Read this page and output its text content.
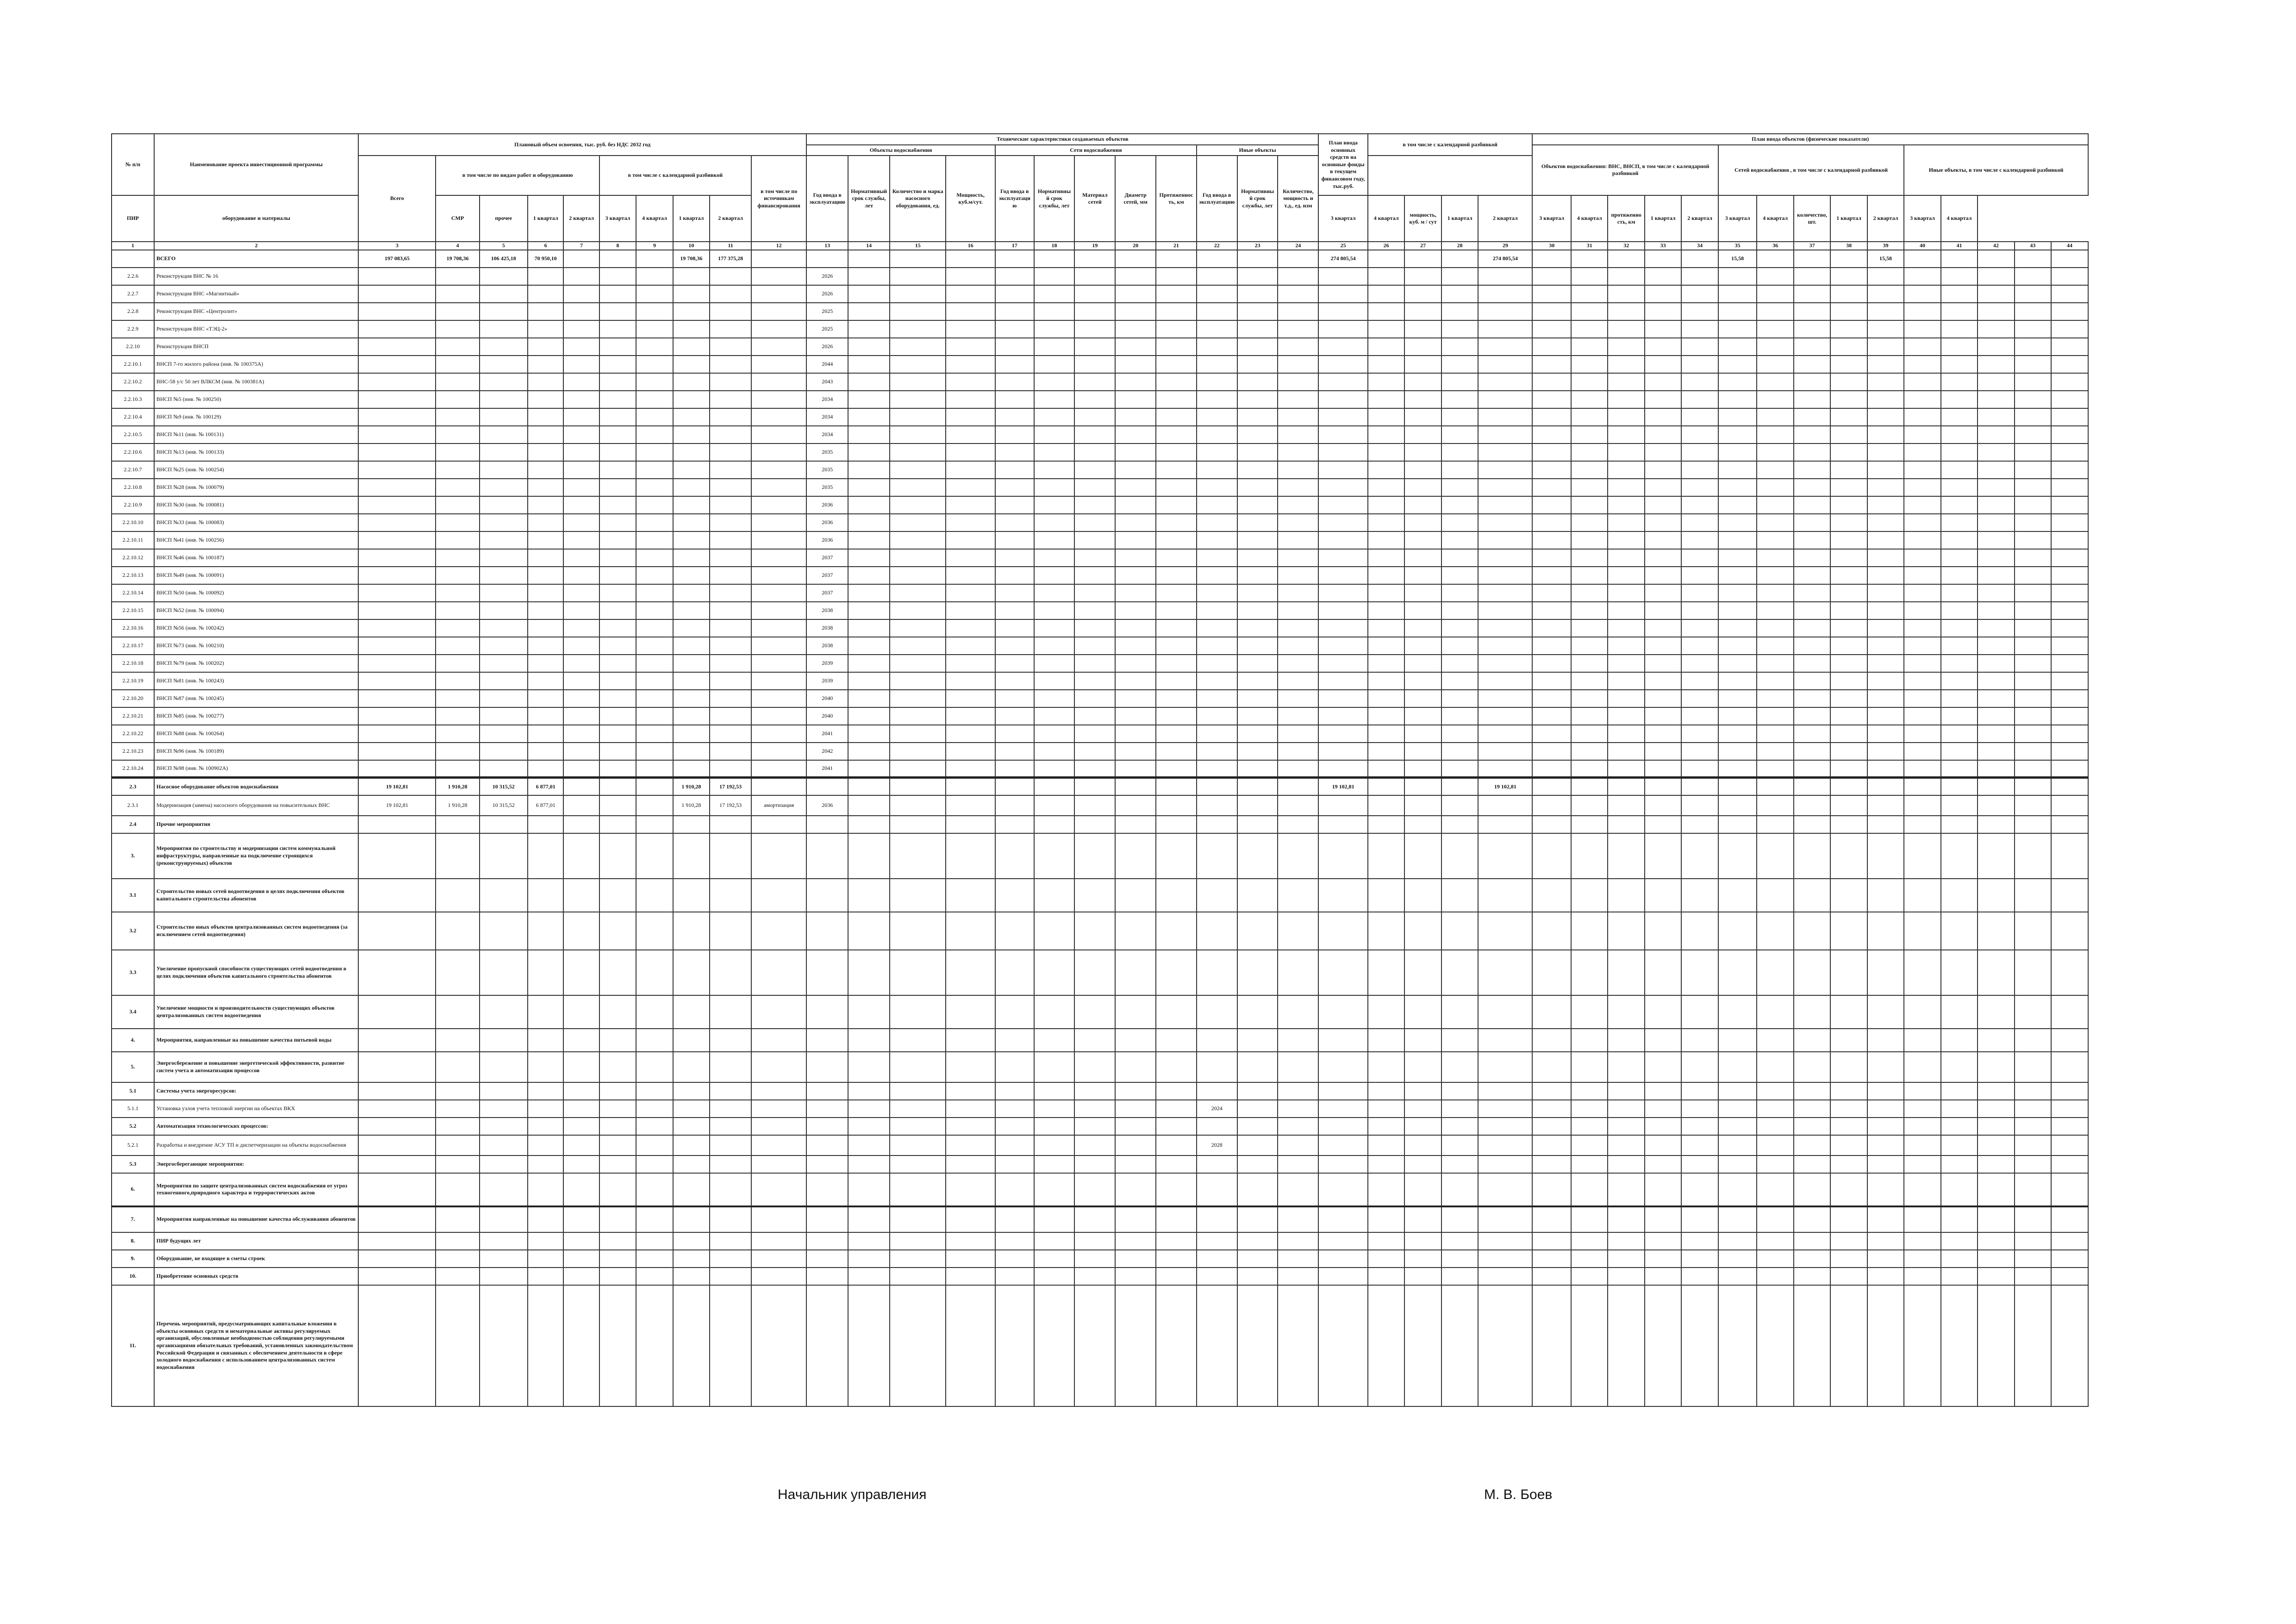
№ п/п	Наименование проекта инвестиционной программы	Плановый объем освоения, тыс. руб. без НДС 2032 год										Технические характеристики создаваемых объектов												План ввода основных средств на основные фонды в текущем финансовом году, тыс.руб.	в том числе с календарной разбивкой				План ввода объектов (физические показатели)														
												Объекты водоснабжения				Сети водоснабжения					Иные объекты								Объектов водоснабжения: ВНС, ВНСП, в том числе с календарной разбивкой					Сетей водоснабжения , в том числе с календарной разбивкой					Иные объекты, в том числе с календарной разбивкой				
		Всего	в том числе по видам работ и оборудованию				в том числе с календарной разбивкой				в том числе по источникам финансирования	Год ввода в эксплуатацию	Нормативный срок службы, лет	Количество и марка насосного оборудования, ед.	Мощность, куб.м/сут.	Год ввода в эксплуатацию	Нормативный срок службы, лет	Материал сетей	Диаметр сетей, мм	Протяженность, км	Год ввода в эксплуатацию	Нормативный срок службы, лет	Количество, мощность и т.д., ед. изм																				
ПИР	оборудование и материалы		СМР	прочее	1 квартал	2 квартал	3 квартал	4 квартал	1 квартал	2 квартал														3 квартал	4 квартал	мощность, куб. м / сут	1 квартал	2 квартал	3 квартал	4 квартал	протяженность, км	1 квартал	2 квартал	3 квартал	4 квартал	количество, шт.	1 квартал	2 квартал	3 квартал	4 квартал			
1	2	3	4	5	6	7	8	9	10	11	12	13	14	15	16	17	18	19	20	21	22	23	24	25	26	27	28	29	30	31	32	33	34	35	36	37	38	39	40	41	42	43	44
	ВСЕГО	197 083,65	19 708,36	106 425,18	70 950,10				19 708,36	177 375,28														274 805,54				274 805,54						15,58				15,58					
2.2.6	Реконструкция ВНС № 16											2026																															
2.2.7	Реконструкция ВНС «Магнитный»											2026																															
2.2.8	Реконструкция ВНС «Центролит»											2025																															
2.2.9	Реконструкция ВНС «ТЭЦ-2»											2025																															
2.2.10	Реконструкция ВНСП											2026																															
2.2.10.1	ВНСП 7-го жилого района (инв. № 100375А)											2044																															
2.2.10.2	ВНС-58 у/с 50 лет ВЛКСМ (инв. № 100381А)											2043																															
2.2.10.3	ВНСП №5 (инв. № 100250)											2034																															
2.2.10.4	ВНСП №9 (инв. № 100129)											2034																															
2.2.10.5	ВНСП №11 (инв. № 100131)											2034																															
2.2.10.6	ВНСП №13 (инв. № 100133)											2035																															
2.2.10.7	ВНСП №25 (инв. № 100254)											2035																															
2.2.10.8	ВНСП №28 (инв. № 100079)											2035																															
2.2.10.9	ВНСП №30 (инв. № 100081)											2036																															
2.2.10.10	ВНСП №33 (инв. № 100083)											2036																															
2.2.10.11	ВНСП №41 (инв. № 100256)											2036																															
2.2.10.12	ВНСП №46 (инв. № 100187)											2037																															
2.2.10.13	ВНСП №49 (инв. № 100091)											2037																															
2.2.10.14	ВНСП №50 (инв. № 100092)											2037																															
2.2.10.15	ВНСП №52 (инв. № 100094)											2038																															
2.2.10.16	ВНСП №56 (инв. № 100242)											2038																															
2.2.10.17	ВНСП №73 (инв. № 100210)											2038																															
2.2.10.18	ВНСП №79 (инв. № 100202)											2039																															
2.2.10.19	ВНСП №81 (инв. № 100243)											2039																															
2.2.10.20	ВНСП №87 (инв. № 100245)											2040																															
2.2.10.21	ВНСП №85 (инв. № 100277)											2040																															
2.2.10.22	ВНСП №88 (инв. № 100264)											2041																															
2.2.10.23	ВНСП №96 (инв. № 100189)											2042																															
2.2.10.24	ВНСП №98 (инв. № 100902А)											2041																															
2.3	Насосное оборудование объектов водоснабжения	19 102,81	1 910,28	10 315,52	6 877,01				1 910,28	17 192,53														19 102,81				19 102,81															
2.3.1	Модернизация (замена) насосного оборудования на повысительных ВНС	19 102,81	1 910,28	10 315,52	6 877,01				1 910,28	17 192,53	амортизация	2036																															
2.4	Прочие мероприятия																																										
3.	Мероприятия по строительству и модернизации систем коммунальной инфраструктуры, направленные на подключение строящихся (реконструируемых) объектов																																										
3.1	Строительство новых сетей водоотведения в целях подключения объектов капитального строительства абонентов																																										
3.2	Строительство иных объектов централизованных систем водоотведения (за исключением сетей водоотведения)																																										
3.3	Увеличение пропускной способности существующих сетей водоотведения в целях подключения объектов капитального строительства абонентов																																										
3.4	Увеличение мощности и производительности существующих объектов централизованных систем водоотведения																																										
4.	Мероприятия, направленные на повышение качества питьевой воды																																										
5.	Энергосбережение и повышение энергетической эффективности, развитие систем учета и автоматизации процессов																																										
5.1	Системы учета энергоресурсов:																																										
5.1.1	Установка узлов учета тепловой энергии на объектах ВКХ																				2024																						
5.2	Автоматизация технологических процессов:																																										
5.2.1	Разработка и внедрение АСУ ТП и диспетчеризации на объекты водоснабжения																				2028																						
5.3	Энергосберегающие мероприятия:																																										
6.	Мероприятия по защите централизованных систем водоснабжения от угроз техногенного,природного характера и террористических актов																																										
7.	Мероприятия направленные на повышение качества обслуживания абонентов																																										
8.	ПИР будущих лет																																										
9.	Оборудование, не входящее в сметы строек																																										
10.	Приобретение основных средств																																										
11.	Перечень мероприятий, предусматривающих капитальные вложения в объекты основных средств и нематериальные активы регулируемых организаций, обусловленные необходимостью соблюдения регулируемыми организациями обязательных требований, установленных законодательством Российской Федерации и связанных с обеспечением деятельности в сфере холодного водоснабжения с использованием централизованных систем водоснабжения																																										
Начальник управления	М. В. Боев
